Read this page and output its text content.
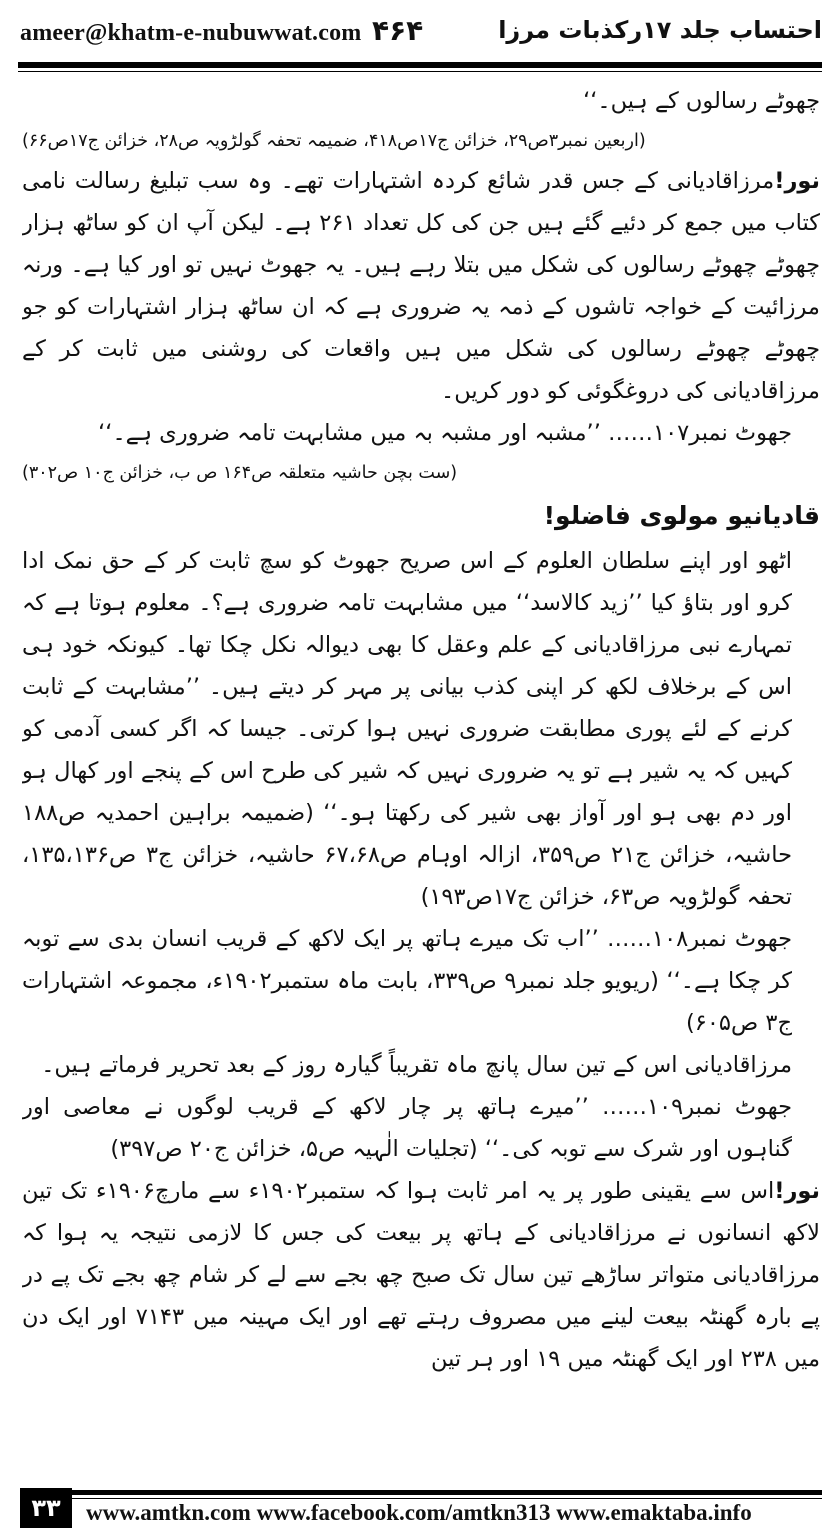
ameer@khatm-e-nubuwwat.com ۴۶۴	احتساب جلد ۱۷رکذبات مرزا

چھوٹے رسالوں کے ہیں۔‘‘

(اربعین نمبر۳ص۲۹، خزائن ج۱۷ص۴۱۸، ضمیمہ تحفہ گولڑویہ ص۲۸، خزائن ج۱۷ص۶۶)

نور!مرزاقادیانی کے جس قدر شائع کردہ اشتہارات تھے۔ وہ سب تبلیغ رسالت نامی کتاب میں جمع کر دئیے گئے ہیں جن کی کل تعداد ۲۶۱ ہے۔ لیکن آپ ان کو ساٹھ ہزار چھوٹے چھوٹے رسالوں کی شکل میں بتلا رہے ہیں۔ یہ جھوٹ نہیں تو اور کیا ہے۔ ورنہ مرزائیت کے خواجہ تاشوں کے ذمہ یہ ضروری ہے کہ ان ساٹھ ہزار اشتہارات کو جو چھوٹے چھوٹے رسالوں کی شکل میں ہیں واقعات کی روشنی میں ثابت کر کے مرزاقادیانی کی دروغگوئی کو دور کریں۔

جھوٹ نمبر۱۰۷…… ’’مشبہ اور مشبہ بہ میں مشابہت تامہ ضروری ہے۔‘‘

(ست بچن حاشیہ متعلقہ ص۱۶۴ ص ب، خزائن ج۱۰ ص۳۰۲)

قادیانیو مولوی فاضلو!

اٹھو اور اپنے سلطان العلوم کے اس صریح جھوٹ کو سچ ثابت کر کے حق نمک ادا کرو اور بتاؤ کیا ’’زید کالاسد‘‘ میں مشابہت تامہ ضروری ہے؟۔ معلوم ہوتا ہے کہ تمہارے نبی مرزاقادیانی کے علم وعقل کا بھی دیوالہ نکل چکا تھا۔ کیونکہ خود ہی اس کے برخلاف لکھ کر اپنی کذب بیانی پر مہر کر دیتے ہیں۔ ’’مشابہت کے ثابت کرنے کے لئے پوری مطابقت ضروری نہیں ہوا کرتی۔ جیسا کہ اگر کسی آدمی کو کہیں کہ یہ شیر ہے تو یہ ضروری نہیں کہ شیر کی طرح اس کے پنجے اور کھال ہو اور دم بھی ہو اور آواز بھی شیر کی رکھتا ہو۔‘‘ (ضمیمہ براہین احمدیہ ص۱۸۸ حاشیہ، خزائن ج۲۱ ص۳۵۹، ازالہ اوہام ص۶۷،۶۸ حاشیہ، خزائن ج۳ ص۱۳۵،۱۳۶، تحفہ گولڑویہ ص۶۳، خزائن ج۱۷ص۱۹۳)

جھوٹ نمبر۱۰۸…… ’’اب تک میرے ہاتھ پر ایک لاکھ کے قریب انسان بدی سے توبہ کر چکا ہے۔‘‘ (ریویو جلد نمبر۹ ص۳۳۹، بابت ماہ ستمبر۱۹۰۲ء، مجموعہ اشتہارات ج۳ ص۶۰۵)

مرزاقادیانی اس کے تین سال پانچ ماہ تقریباً گیارہ روز کے بعد تحریر فرماتے ہیں۔

جھوٹ نمبر۱۰۹…… ’’میرے ہاتھ پر چار لاکھ کے قریب لوگوں نے معاصی اور گناہوں اور شرک سے توبہ کی۔‘‘ (تجلیات الٰہیہ ص۵، خزائن ج۲۰ ص۳۹۷)

نور!اس سے یقینی طور پر یہ امر ثابت ہوا کہ ستمبر۱۹۰۲ء سے مارچ۱۹۰۶ء تک تین لاکھ انسانوں نے مرزاقادیانی کے ہاتھ پر بیعت کی جس کا لازمی نتیجہ یہ ہوا کہ مرزاقادیانی متواتر ساڑھے تین سال تک صبح چھ بجے سے لے کر شام چھ بجے تک پے در پے بارہ گھنٹہ بیعت لینے میں مصروف رہتے تھے اور ایک مہینہ میں ۷۱۴۳ اور ایک دن میں ۲۳۸ اور ایک گھنٹہ میں ۱۹ اور ہر تین

۳۳	www.amtkn.com www.facebook.com/amtkn313 www.emaktaba.info
